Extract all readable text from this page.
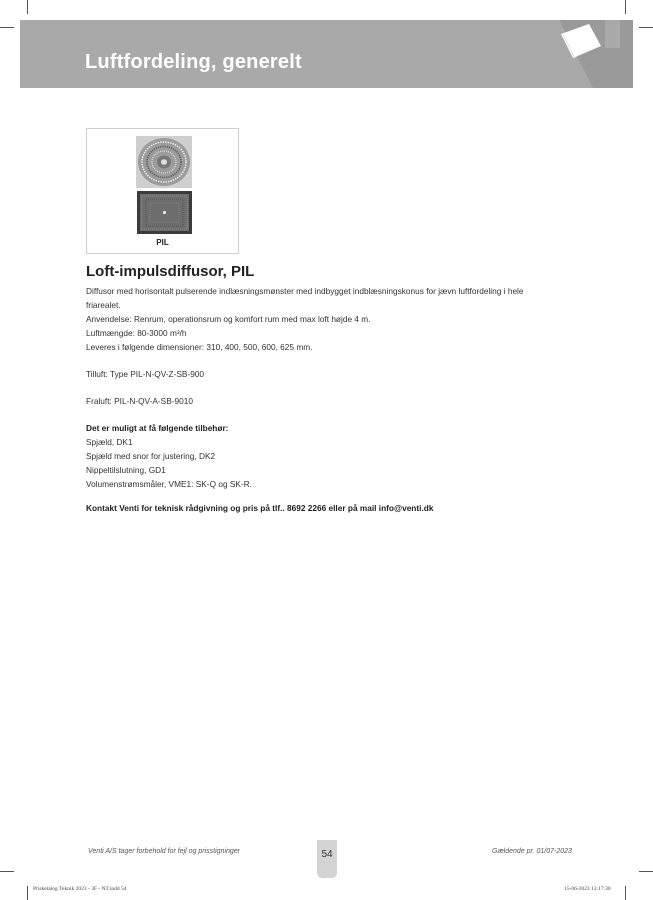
Luftfordeling, generelt
PIL
Loft-impulsdiffusor, PIL
Diffusor med horisontalt pulserende indlæsningsmønster med indbygget indblæsningskonus for jævn luftfordeling i hele
friarealet.
Anvendelse: Renrum, operationsrum og komfort rum med max loft højde 4 m.
Luftmængde: 80-3000 m³/h
Leveres i følgende dimensioner: 310, 400, 500, 600, 625 mm.
Tilluft: Type PIL-N-QV-Z-SB-900
Fraluft: PIL-N-QV-A-SB-9010
Det er muligt at få følgende tilbehør:
Spjæld, DK1
Spjæld med snor for justering, DK2
Nippeltilslutning, GD1
Volumenstrømsmåler, VME1: SK-Q og SK-R.
Kontakt Venti for teknisk rådgivning og pris på tlf.. 8692 2266 eller på mail info@venti.dk
Venti A/S tager forbehold for fejl og prisstigninger	54	Gældende pr. 01/07-2023
Prisketalog Teknik 2023 - 3F - NT.indd 54	15-06-2023 13:17:30
